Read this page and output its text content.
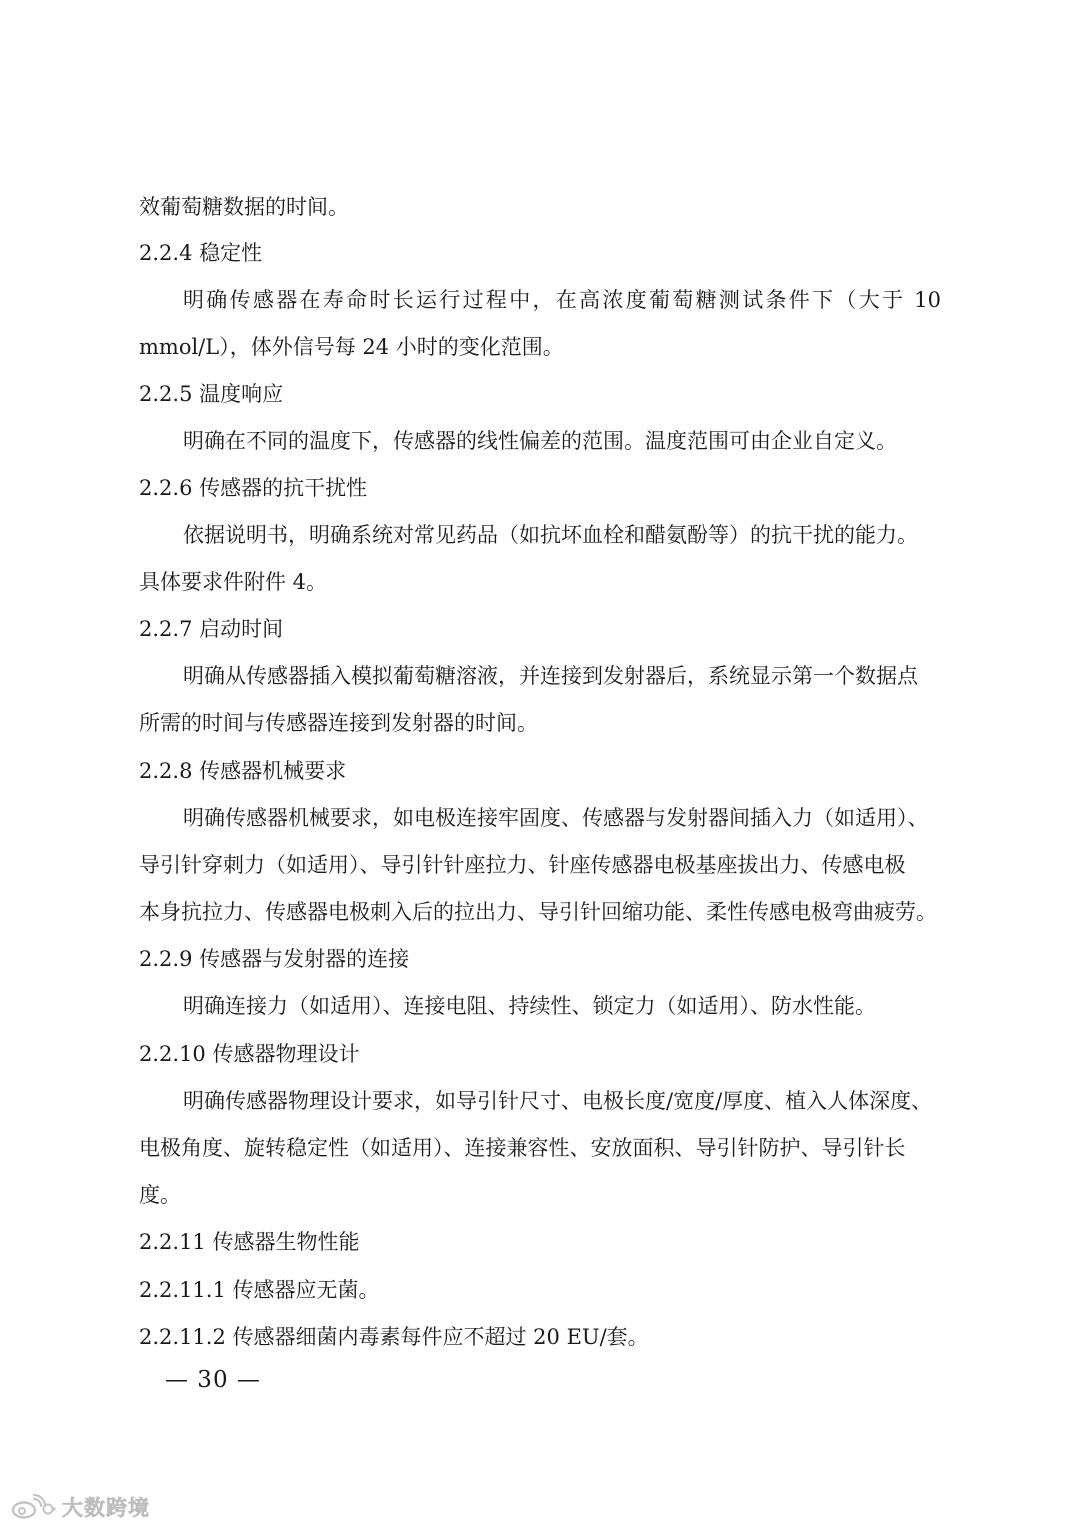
效葡萄糖数据的时间。
2.2.4 稳定性
明确传感器在寿命时长运行过程中，在高浓度葡萄糖测试条件下（大于 10
mmol/L），体外信号每 24 小时的变化范围。
2.2.5 温度响应
明确在不同的温度下，传感器的线性偏差的范围。温度范围可由企业自定义。
2.2.6 传感器的抗干扰性
依据说明书，明确系统对常见药品（如抗坏血栓和醋氨酚等）的抗干扰的能力。
具体要求件附件 4。
2.2.7 启动时间
明确从传感器插入模拟葡萄糖溶液，并连接到发射器后，系统显示第一个数据点
所需的时间与传感器连接到发射器的时间。
2.2.8 传感器机械要求
明确传感器机械要求，如电极连接牢固度、传感器与发射器间插入力（如适用）、
导引针穿刺力（如适用）、导引针针座拉力、针座传感器电极基座拔出力、传感电极
本身抗拉力、传感器电极刺入后的拉出力、导引针回缩功能、柔性传感电极弯曲疲劳。
2.2.9 传感器与发射器的连接
明确连接力（如适用）、连接电阻、持续性、锁定力（如适用）、防水性能。
2.2.10 传感器物理设计
明确传感器物理设计要求，如导引针尺寸、电极长度/宽度/厚度、植入人体深度、
电极角度、旋转稳定性（如适用）、连接兼容性、安放面积、导引针防护、导引针长
度。
2.2.11 传感器生物性能
2.2.11.1 传感器应无菌。
2.2.11.2 传感器细菌内毒素每件应不超过 20 EU/套。
— 30 —
大数跨境
